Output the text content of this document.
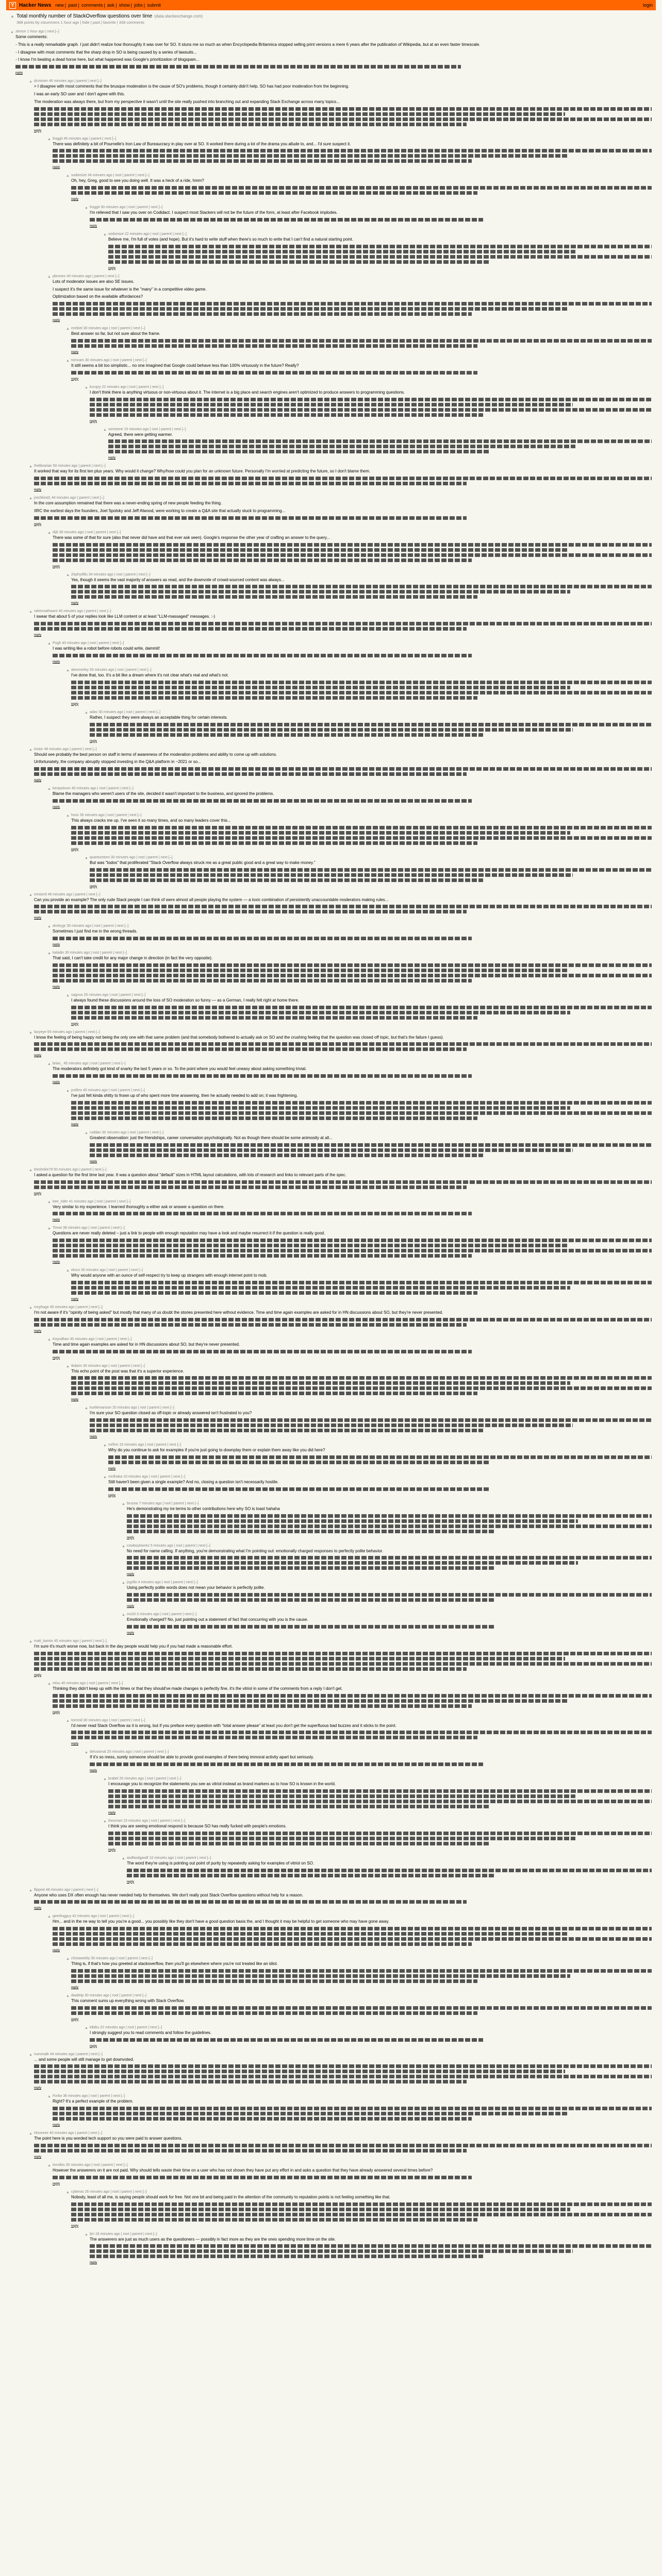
Y Hacker News new | past | comments | ask | show | jobs | submit	login
▲ Total monthly number of StackOverflow questions over time (data.stackexchange.com)
388 points by ctsummers 1 hour ago | hide | past | favorite | 338 comments
▲ zkmon 1 hour ago | next [–]

Some comments:

- This is a really remarkable graph. I just didn't realize how thoroughly it was over for SO. It stuns me so much as when Encyclopedia Britannica stopped selling print versions a mere 6 years after the publication of Wikipedia, but at an even faster timescale.

- I disagree with most comments that the sharp drop in SO is being caused by a series of lawsuits...

- I know I'm beating a dead horse here, but what happened was Google's prioritization of blogspam...

reply
▲ dcminter 46 minutes ago | parent | next [–]

> I disagree with most comments that the brusque moderation is the cause of SO's problems, though it certainly didn't help. SO has had poor moderation from the beginning.

I was an early SO user and I don't agree with this.

The moderation was always there, but from my perspective it wasn't until the site really pushed into branching out and expanding Stack Exchange across many topics...

reply
▲ froggit 46 minutes ago | parent | next [–]

There was definitely a bit of Pournelle's Iron Law of Bureaucracy in play over at SO. It worked there during a lot of the drama you allude to, and... I'd sure suspect it.

reply
▲ sodomize 34 minutes ago | root | parent | next [–]

Oh, hey, Greg, good to see you doing well. It was a heck of a ride, hmm?

reply
▲ froggit 30 minutes ago | root | parent | next [–]

I'm relieved that I saw you over on Codidact. I suspect most Stackers will not be the future of the form, at least after Facebook implodes.

reply
▲ sodomize 22 minutes ago | root | parent | next [–]

Believe me, I'm full of votes (and hope). But it's hard to write stuff when there's so much to write that I can't find a natural starting point.

reply
▲ pbronez 40 minutes ago | parent | next [–]

Lots of moderator issues are also SE issues.

I suspect it's the same issue for whatever is the "many" in a competitive video game.

Optimization based on the available affordances?

reply
▲ ezekiel 30 minutes ago | root | parent | next [–]

Best answer so far, but not sure about the frame.

reply
▲ tomcam 30 minutes ago | root | parent | next [–]

It still seems a bit too simplistic... no one imagined that Google could behave less than 100% virtuously in the future? Really?

reply
▲ kccqzy 22 minutes ago | root | parent | next [–]

I don't think there is anything virtuous or non-virtuous about it. The internet is a big place and search engines aren't optimized to produce answers to programming questions.

reply
▲ someone 15 minutes ago | root | parent | next [–]

Agreed, there were getting warmer.

reply
▲ thelibrarian 50 minutes ago | parent | next [–]

It worked that way for its first ten plus years. Why would it change? Why/how could you plan for an unknown future. Personally I'm worried at predicting the future, so I don't blame them.

reply
▲ jrochkind1 44 minutes ago | parent | next [–]

In the core assumption remained that there was a never-ending spring of new people feeding the thing.

IIRC the earliest days the founders, Joel Spolsky and Jeff Atwood, were working to create a Q&A site that actually stuck to programming...

reply
▲ dijit 39 minutes ago | root | parent | next [–]

There was some of that for sure (also that never did have and that ever ask seen). Google's response the other year of crafting an answer to the query...

reply
▲ ZephyrBlu 34 minutes ago | root | parent | next [–]

Yes, though it seems the vast majority of answers as read, and the downvote of crowd-sourced content was always...

reply
▲ rahimnathwani 40 minutes ago | parent | next [–]

I swear that about 5 of your replies look like LLM content or at least "LLM-massaged" messages. :-)

reply
▲ Pugh 40 minutes ago | root | parent | next [–]

I was writing like a robot before robots could write, dammit!

reply
▲ alexmorley 33 minutes ago | root | parent | next [–]

I've done that, too. It's a bit like a dream where it's not clear what's real and what's not.

reply
▲ adav 30 minutes ago | root | parent | next [–]

Rather, I suspect they were always an acceptable thing for certain interests.

reply
▲ tristor 48 minutes ago | parent | next [–]

Should see probably the best person on staff in terms of awareness of the moderation problems and ability to come up with solutions.

Unfortunately, the company abruptly stopped investing in the Q&A platform in ~2021 or so...

reply
▲ kenjackson 40 minutes ago | root | parent | next [–]

Blame the managers who weren't users of the site, decided it wasn't important to the business, and ignored the problems.

reply
▲ hoss 35 minutes ago | root | parent | next [–]

This always cracks me up. I've seen it so many times, and so many leaders cover this...

reply
▲ quantumtom 30 minutes ago | root | parent | next [–]

But was "todos" that proliferated "Stack Overflow always struck me as a great public good and a great way to make money."

reply
▲ mrwizrd 46 minutes ago | parent | next [–]

Can you provide an example? The only rude Stack people I can think of were almost all people playing the system — a toxic combination of persistently unaccountable moderators making rules...

reply
▲ dmitrygr 35 minutes ago | root | parent | next [–]

Sometimes I just find me in the wrong threads.

reply
▲ kaladin 30 minutes ago | root | parent | next [–]

That said, I can't take credit for any major change in direction (in fact the very opposite).

reply
▲ sagnus 25 minutes ago | root | parent | next [–]

I always found these discussions around the loss of SO moderation so funny — as a German, I really felt right at home there.

reply
▲ lazyeye 55 minutes ago | parent | next [–]

I know the feeling of being happy not being the only one with that same problem (and that somebody bothered to actually ask on SO and the crushing feeling that the question was closed off topic, but that's the failure I guess).

reply
▲ brian_ 45 minutes ago | root | parent | next [–]

The moderators definitely got kind of snarky the last 5 years or so. To the point where you would feel uneasy about asking something trivial.

reply
▲ jcollins 40 minutes ago | root | parent | next [–]

I've just felt kinda shitty to frown up of who spent more time answering, then he actually needed to add on; it was frightening.

reply
▲ ruddan 30 minutes ago | root | parent | next [–]

Greatest observation: just the friendships, career conversation psychologically. Not as though there should be some animosity at all...

reply
▲ theshrike79 50 minutes ago | parent | next [–]

I asked a question for the first time last year. It was a question about "default" sizes in HTML layout calculations, with lots of research and links to relevant parts of the spec.

reply
▲ bee_rider 41 minutes ago | root | parent | next [–]

Very similar to my experience. I learned thoroughly a either ask or answer a question on there.

reply
▲ Timwi 38 minutes ago | root | parent | next [–]

Questions are never really deleted – just a link to people with enough reputation may have a look and maybe resurrect it if the question is really good.

reply
▲ ekurz 30 minutes ago | root | parent | next [–]

Why would anyone with an ounce of self-respect try to keep up strangers with enough internet point to mob.

reply
▲ mcphage 45 minutes ago | parent | next [–]

I'm not aware if it's "opinity of being asked" but mostly that many of us doubt the stories presented here without evidence. Time and time again examples are asked for in HN discussions about SO, but they're never presented.

reply
▲ Koyodhan 40 minutes ago | root | parent | next [–]

Time and time again examples are asked for in HN discussions about SO, but they're never presented.

reply
▲ tkdarin 30 minutes ago | root | parent | next [–]

This echo point of the post was that it's a superior experience.

reply
▲ kurtlemanson 20 minutes ago | root | parent | next [–]

I'm sure your SO question closed as off-topic or already answered isn't frustrated to you?

reply
▲ mrfinn 15 minutes ago | root | parent | next [–]

Why do you continue to ask for examples if you're just going to downplay them or explain them away like you did here?

reply
▲ mrdhaka 10 minutes ago | root | parent | next [–]

Still haven't been given a single example? And no, closing a question isn't necessarily hostile.

reply
▲ brucea 7 minutes ago | root | parent | next [–]

He's demonstrating my ire terms to other contributions here why SO is toast hahaha

reply
▲ cowboylowrez 5 minutes ago | root | parent | next [–]

No need for name calling. If anything, you're demonstrating what I'm pointing out: emotionally charged responses to perfectly polite behavior.

reply
▲ jcgrillo 4 minutes ago | root | parent | next [–]

Using perfectly polite words does not mean your behavior is perfectly polite.

reply
▲ ms33 3 minutes ago | root | parent | next [–]

Emotionally charged? No, just pointing out a statement of fact that concurring with you is the cause.

reply
▲ matt_kantor 45 minutes ago | parent | next [–]

I'm sure it's much worse now, but back in the day people would help you if you had made a reasonable effort.

reply
▲ mlsu 40 minutes ago | root | parent | next [–]

Thinking they didn't keep up with the times or that they should've made changes is perfectly fine, it's the vitriol in some of the comments from a reply I don't get.

reply
▲ tomrod 30 minutes ago | root | parent | next [–]

I'd never read Stack Overflow as it is wrong, but if you preface every question with "total answer please" at least you don't get the superfluous bad buzzes and it sticks to the point.

reply
▲ delusional 25 minutes ago | root | parent | next [–]

If it's so mess, surely someone should be able to provide good examples of there being immoral activity apart but seriously.

reply
▲ brabel 20 minutes ago | root | parent | next [–]

I encourage you to recognize the statements you see as vitriol instead as brand markers as to how SO is known in the world.

reply
▲ thesmart 15 minutes ago | root | parent | next [–]

I think you are seeing emotional respond is because SO has really fucked with people's emotions.

reply
▲ asdfasdgasdf 10 minutes ago | root | parent | next [–]

The word they're using is pointing out point of purity by repeatedly asking for examples of vitriol on SO.

reply
▲ flipped 48 minutes ago | parent | next [–]

Anyone who uses DX often enough has never needed help for themselves. We don't really post Stack Overflow questions without help for a reason.

reply
▲ geerlingguy 42 minutes ago | root | parent | next [–]

Hm... and in the ne way to tell you you're a good... you possibly like they don't have a good question basis the, and I thought it may be helpful to get someone who may have gone away.

reply
▲ chrisweekly 35 minutes ago | root | parent | next [–]

Thing is, if that's how you greeted at stackoverflow, then you'll go elsewhere where you're not treated like an idiot.

reply
▲ dwaltrip 30 minutes ago | root | parent | next [–]

This comment sums up everything wrong with Stack Overflow.

reply
▲ kibibu 22 minutes ago | root | parent | next [–]

I strongly suggest you to read comments and follow the guidelines.

reply
▲ nurumaik 44 minutes ago | parent | next [–]

... and some people will still manage to get downvoted.

reply
▲ Forbo 36 minutes ago | root | parent | next [–]

Right? It's a perfect example of the problem.

reply
▲ Hizonner 40 minutes ago | parent | next [–]

The point here is you worded tech support so you were paid to answer questions.

reply
▲ immibis 35 minutes ago | root | parent | next [–]

However the answerers on it are not paid. Why should tells waste their time on a user who has not shown they have put any effort in and asks a question that they have already answered several times before?

reply
▲ cyberax 26 minutes ago | root | parent | next [–]

Nobody, least of all me, is saying people should work for free. Not one bit and being paid in the attention of the community to reputation points is not feeling something like that.

reply
▲ ljm 18 minutes ago | root | parent | next [–]

The answerers are just as much users as the questioners — possibly in fact more as they are the ones spending more time on the site.

reply
